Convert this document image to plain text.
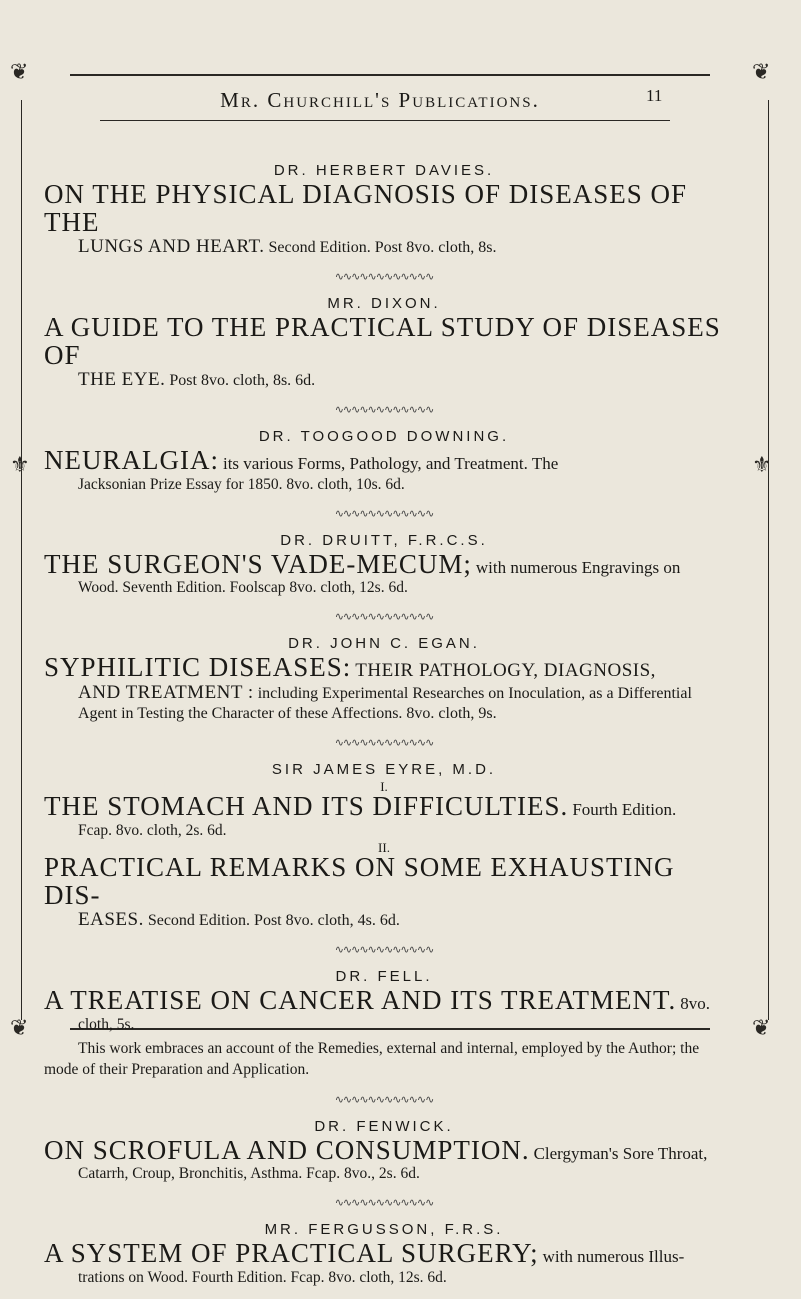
❦	❦
❦	❦
⚜	⚜
Mr. Churchill's Publications.	11
DR. HERBERT DAVIES.
ON THE PHYSICAL DIAGNOSIS OF DISEASES OF THE
LUNGS AND HEART. Second Edition. Post 8vo. cloth, 8s.
∿∿∿∿∿∿∿∿∿∿∿∿
MR. DIXON.
A GUIDE TO THE PRACTICAL STUDY OF DISEASES OF
THE EYE. Post 8vo. cloth, 8s. 6d.
∿∿∿∿∿∿∿∿∿∿∿∿
DR. TOOGOOD DOWNING.
NEURALGIA: its various Forms, Pathology, and Treatment. The
Jacksonian Prize Essay for 1850. 8vo. cloth, 10s. 6d.
∿∿∿∿∿∿∿∿∿∿∿∿
DR. DRUITT, F.R.C.S.
THE SURGEON'S VADE-MECUM; with numerous Engravings on
Wood. Seventh Edition. Foolscap 8vo. cloth, 12s. 6d.
∿∿∿∿∿∿∿∿∿∿∿∿
DR. JOHN C. EGAN.
SYPHILITIC DISEASES: THEIR PATHOLOGY, DIAGNOSIS,
AND TREATMENT : including Experimental Researches on Inoculation, as a Differential Agent in Testing the Character of these Affections. 8vo. cloth, 9s.
∿∿∿∿∿∿∿∿∿∿∿∿
SIR JAMES EYRE, M.D.
I.
THE STOMACH AND ITS DIFFICULTIES. Fourth Edition.
Fcap. 8vo. cloth, 2s. 6d.
II.
PRACTICAL REMARKS ON SOME EXHAUSTING DIS-
EASES. Second Edition. Post 8vo. cloth, 4s. 6d.
∿∿∿∿∿∿∿∿∿∿∿∿
DR. FELL.
A TREATISE ON CANCER AND ITS TREATMENT. 8vo.
cloth, 5s.
This work embraces an account of the Remedies, external and internal, employed by the Author; the mode of their Preparation and Application.
∿∿∿∿∿∿∿∿∿∿∿∿
DR. FENWICK.
ON SCROFULA AND CONSUMPTION. Clergyman's Sore Throat,
Catarrh, Croup, Bronchitis, Asthma. Fcap. 8vo., 2s. 6d.
∿∿∿∿∿∿∿∿∿∿∿∿
MR. FERGUSSON, F.R.S.
A SYSTEM OF PRACTICAL SURGERY; with numerous Illus-
trations on Wood. Fourth Edition. Fcap. 8vo. cloth, 12s. 6d.
